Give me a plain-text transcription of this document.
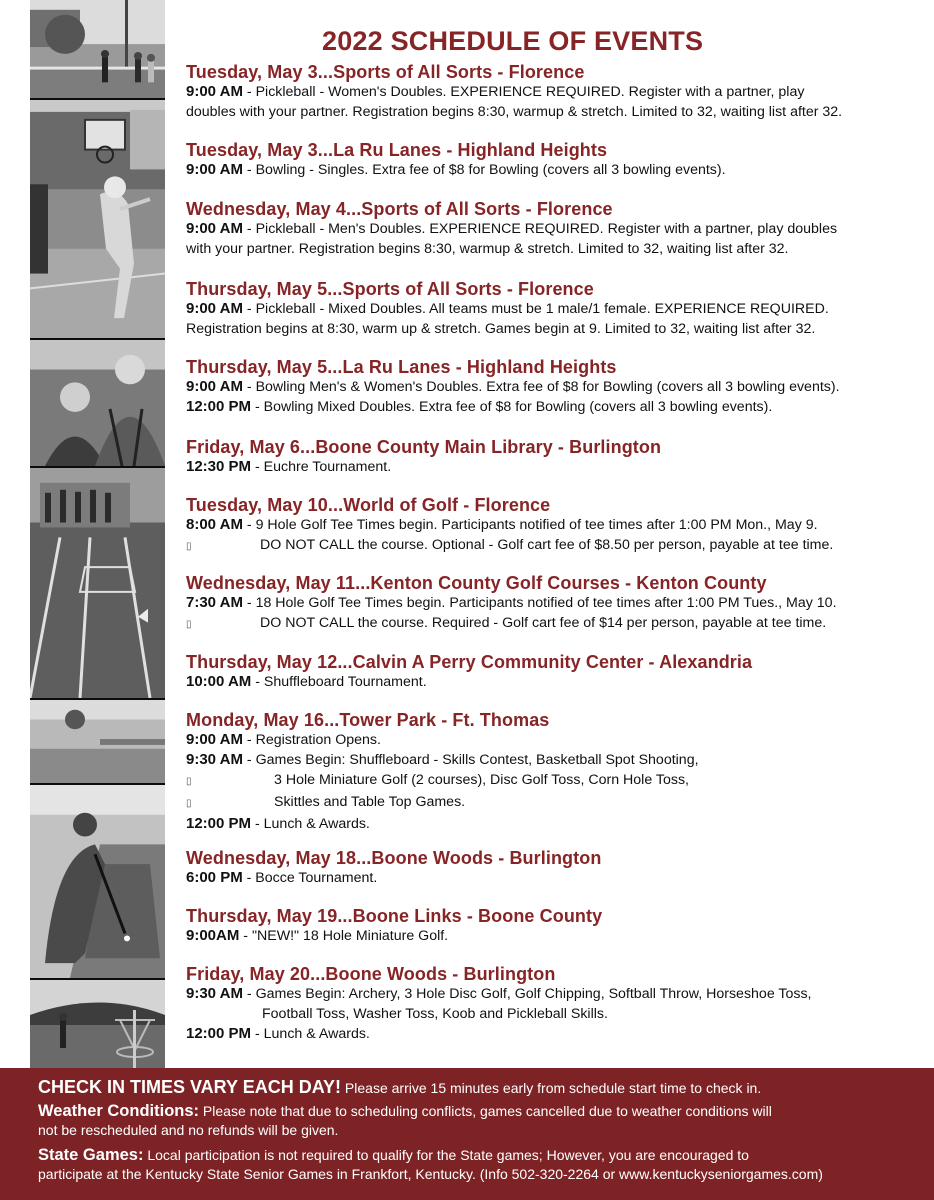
2022 SCHEDULE OF EVENTS
Tuesday, May 3...Sports of All Sorts - Florence
9:00 AM - Pickleball - Women's Doubles. EXPERIENCE REQUIRED. Register with a partner, play
doubles with your partner. Registration begins 8:30, warmup & stretch. Limited to 32, waiting list after 32.
Tuesday, May 3...La Ru Lanes - Highland Heights
9:00 AM - Bowling - Singles. Extra fee of $8 for Bowling (covers all 3 bowling events).
Wednesday, May 4...Sports of All Sorts - Florence
9:00 AM - Pickleball - Men's Doubles. EXPERIENCE REQUIRED. Register with a partner, play doubles
with your partner. Registration begins 8:30, warmup & stretch. Limited to 32, waiting list after 32.
Thursday, May 5...Sports of All Sorts - Florence
9:00 AM - Pickleball - Mixed Doubles. All teams must be 1 male/1 female. EXPERIENCE REQUIRED.
Registration begins at 8:30, warm up & stretch. Games begin at 9. Limited to 32, waiting list after 32.
Thursday, May 5...La Ru Lanes - Highland Heights
9:00 AM - Bowling Men's & Women's Doubles. Extra fee of $8 for Bowling (covers all 3 bowling events).
12:00 PM - Bowling Mixed Doubles. Extra fee of $8 for Bowling (covers all 3 bowling events).
Friday, May 6...Boone County Main Library - Burlington
12:30 PM - Euchre Tournament.
Tuesday, May 10...World of Golf - Florence
8:00 AM - 9 Hole Golf Tee Times begin. Participants notified of tee times after 1:00 PM Mon., May 9.
▯	DO NOT CALL the course. Optional - Golf cart fee of $8.50 per person, payable at tee time.
Wednesday, May 11...Kenton County Golf Courses - Kenton County
7:30 AM - 18 Hole Golf Tee Times begin. Participants notified of tee times after 1:00 PM Tues., May 10.
▯	DO NOT CALL the course. Required - Golf cart fee of $14 per person, payable at tee time.
Thursday, May 12...Calvin A Perry Community Center - Alexandria
10:00 AM - Shuffleboard Tournament.
Monday, May 16...Tower Park - Ft. Thomas
9:00 AM - Registration Opens.
9:30 AM - Games Begin: Shuffleboard - Skills Contest, Basketball Spot Shooting,
▯	3 Hole Miniature Golf (2 courses), Disc Golf Toss, Corn Hole Toss,
▯	Skittles and Table Top Games.
12:00 PM - Lunch & Awards.
Wednesday, May 18...Boone Woods - Burlington
6:00 PM - Bocce Tournament.
Thursday, May 19...Boone Links - Boone County
9:00AM - "NEW!" 18 Hole Miniature Golf.
Friday, May 20...Boone Woods - Burlington
9:30 AM - Games Begin: Archery, 3 Hole Disc Golf, Golf Chipping, Softball Throw, Horseshoe Toss,
Football Toss, Washer Toss, Koob and Pickleball Skills.
12:00 PM - Lunch & Awards.
CHECK IN TIMES VARY EACH DAY! Please arrive 15 minutes early from schedule start time to check in.
Weather Conditions: Please note that due to scheduling conflicts, games cancelled due to weather conditions will
not be rescheduled and no refunds will be given.
State Games: Local participation is not required to qualify for the State games; However, you are encouraged to
participate at the Kentucky State Senior Games in Frankfort, Kentucky. (Info 502-320-2264 or www.kentuckyseniorgames.com)
